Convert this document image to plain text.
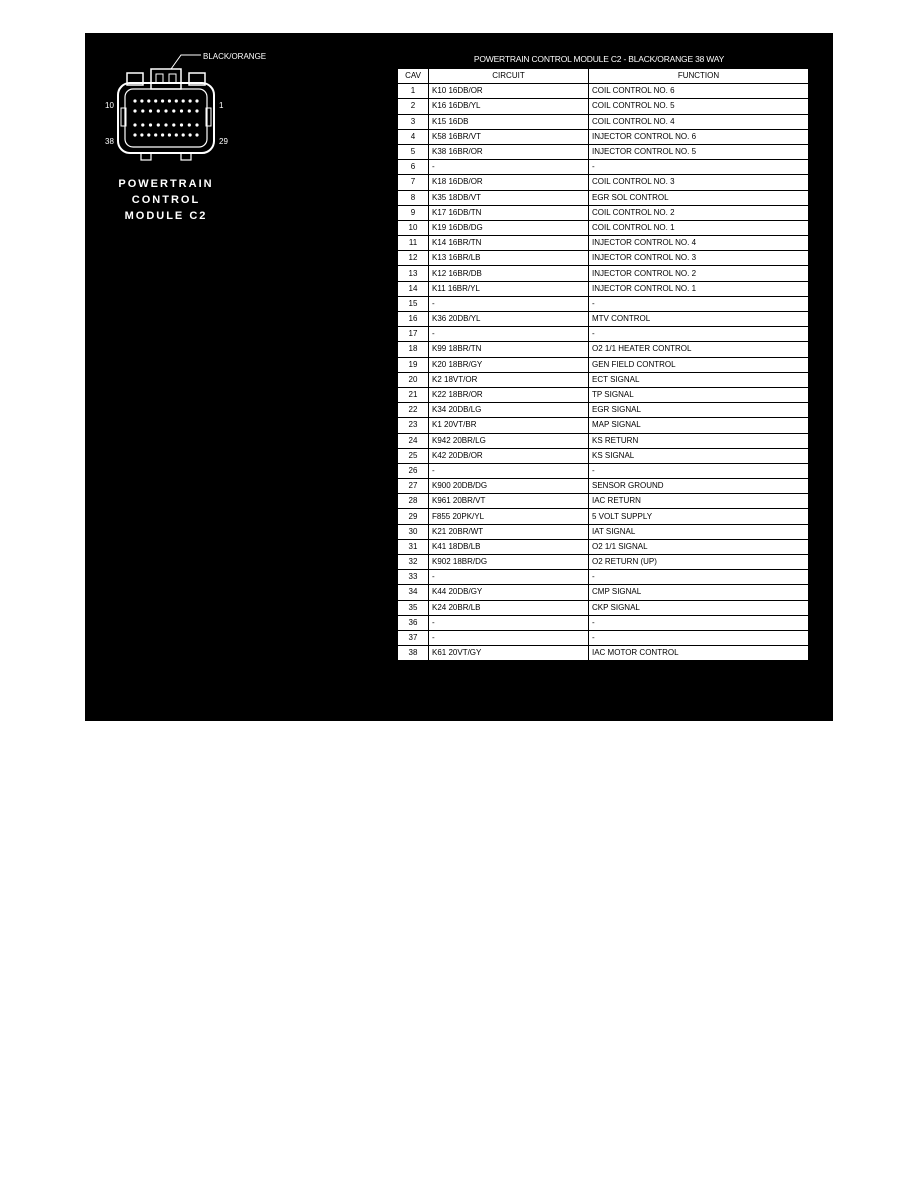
BLACK/ORANGE
10	1
38	29
POWERTRAIN
CONTROL
MODULE C2
POWERTRAIN CONTROL MODULE C2 - BLACK/ORANGE 38 WAY
CAV	CIRCUIT	FUNCTION
1	K10 16DB/OR	COIL CONTROL NO. 6
2	K16 16DB/YL	COIL CONTROL NO. 5
3	K15 16DB	COIL CONTROL NO. 4
4	K58 16BR/VT	INJECTOR CONTROL NO. 6
5	K38 16BR/OR	INJECTOR CONTROL NO. 5
6	-	-
7	K18 16DB/OR	COIL CONTROL NO. 3
8	K35 18DB/VT	EGR SOL CONTROL
9	K17 16DB/TN	COIL CONTROL NO. 2
10	K19 16DB/DG	COIL CONTROL NO. 1
11	K14 16BR/TN	INJECTOR CONTROL NO. 4
12	K13 16BR/LB	INJECTOR CONTROL NO. 3
13	K12 16BR/DB	INJECTOR CONTROL NO. 2
14	K11 16BR/YL	INJECTOR CONTROL NO. 1
15	-	-
16	K36 20DB/YL	MTV CONTROL
17	-	-
18	K99 18BR/TN	O2 1/1 HEATER CONTROL
19	K20 18BR/GY	GEN FIELD CONTROL
20	K2 18VT/OR	ECT SIGNAL
21	K22 18BR/OR	TP SIGNAL
22	K34 20DB/LG	EGR SIGNAL
23	K1 20VT/BR	MAP SIGNAL
24	K942 20BR/LG	KS RETURN
25	K42 20DB/OR	KS SIGNAL
26	-	-
27	K900 20DB/DG	SENSOR GROUND
28	K961 20BR/VT	IAC RETURN
29	F855 20PK/YL	5 VOLT SUPPLY
30	K21 20BR/WT	IAT SIGNAL
31	K41 18DB/LB	O2 1/1 SIGNAL
32	K902 18BR/DG	O2 RETURN (UP)
33	-	-
34	K44 20DB/GY	CMP SIGNAL
35	K24 20BR/LB	CKP SIGNAL
36	-	-
37	-	-
38	K61 20VT/GY	IAC MOTOR CONTROL
